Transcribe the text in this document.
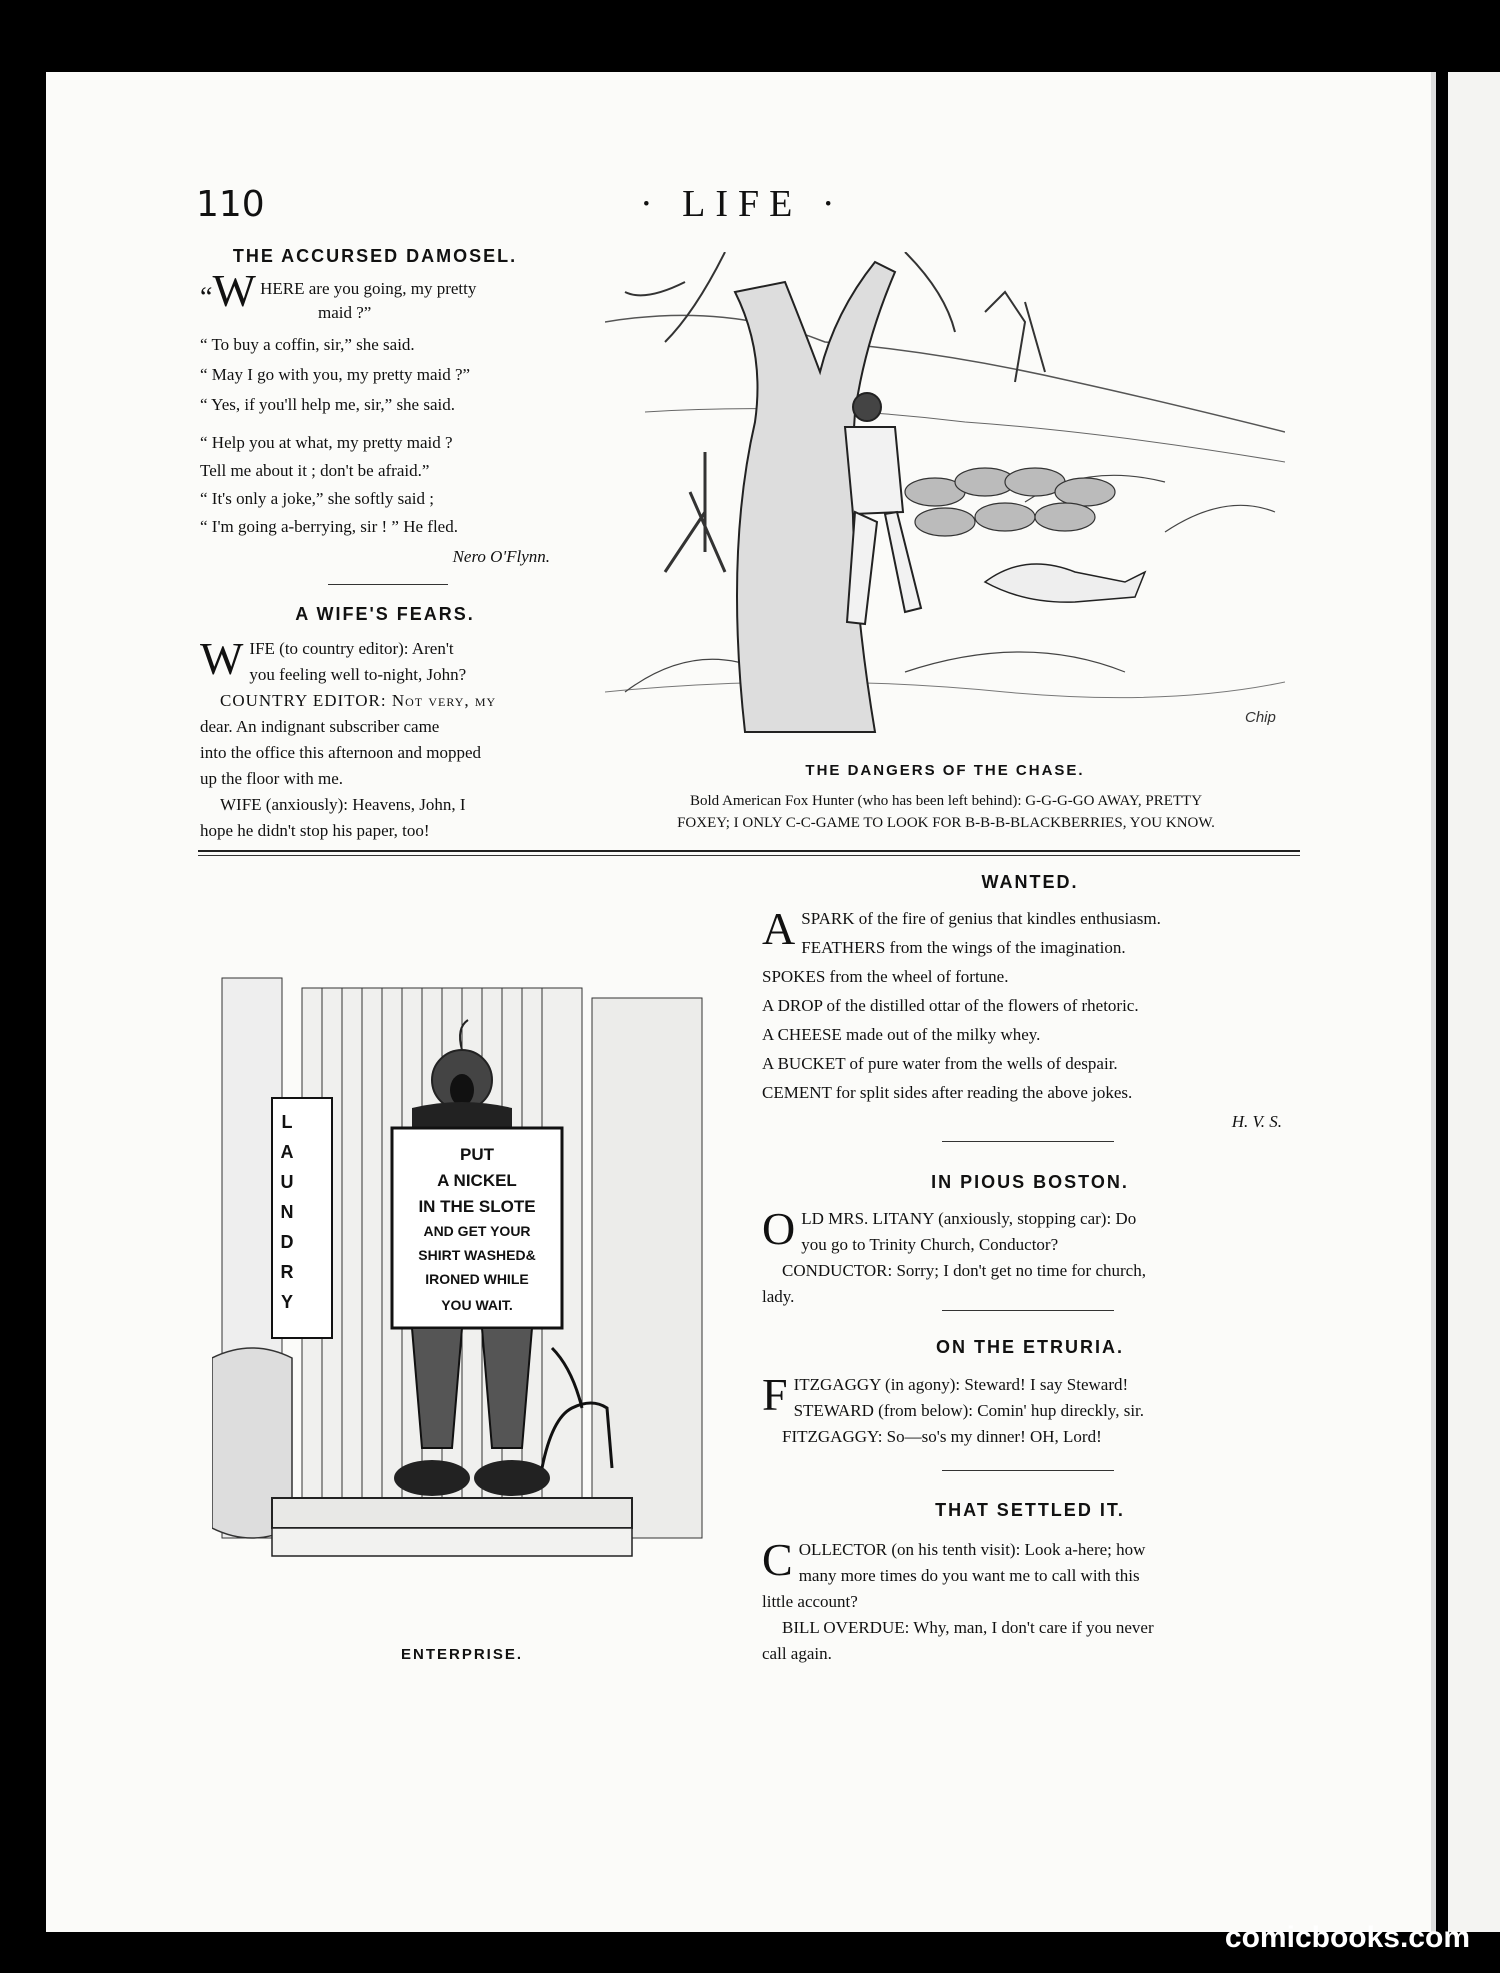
110	· LIFE ·
THE ACCURSED DAMOSEL.
“W HERE are you going, my pretty
maid ?”
“ To buy a coffin, sir,” she said.
“ May I go with you, my pretty maid ?”
“ Yes, if you'll help me, sir,” she said.
“ Help you at what, my pretty maid ?
Tell me about it ; don't be afraid.”
“ It's only a joke,” she softly said ;
“ I'm going a-berrying, sir ! ” He fled.
Nero O'Flynn.
A WIFE'S FEARS.
W IFE (to country editor): Aren't
you feeling well to-night, John?
COUNTRY EDITOR: Not very, my
dear. An indignant subscriber came
into the office this afternoon and mopped
up the floor with me.
WIFE (anxiously): Heavens, John, I
hope he didn't stop his paper, too!
Chip
THE DANGERS OF THE CHASE.
Bold American Fox Hunter (who has been left behind): G-G-G-GO AWAY, PRETTY
FOXEY; I ONLY C-C-GAME TO LOOK FOR B-B-B-BLACKBERRIES, YOU KNOW.
PUT
A NICKEL
IN THE SLOTE
AND GET YOUR
SHIRT WASHED&
IRONED WHILE
YOU WAIT.
L
A
U
N
D
R
Y
ENTERPRISE.
WANTED.
A SPARK of the fire of genius that kindles enthusiasm.
FEATHERS from the wings of the imagination.
SPOKES from the wheel of fortune.
A DROP of the distilled ottar of the flowers of rhetoric.
A CHEESE made out of the milky whey.
A BUCKET of pure water from the wells of despair.
CEMENT for split sides after reading the above jokes.
H. V. S.
IN PIOUS BOSTON.
O LD MRS. LITANY (anxiously, stopping car): Do
you go to Trinity Church, Conductor?
CONDUCTOR: Sorry; I don't get no time for church,
lady.
ON THE ETRURIA.
F ITZGAGGY (in agony): Steward! I say Steward!
STEWARD (from below): Comin' hup direckly, sir.
FITZGAGGY: So—so's my dinner! OH, Lord!
THAT SETTLED IT.
C OLLECTOR (on his tenth visit): Look a-here; how
many more times do you want me to call with this
little account?
BILL OVERDUE: Why, man, I don't care if you never
call again.
comicbooks.com
